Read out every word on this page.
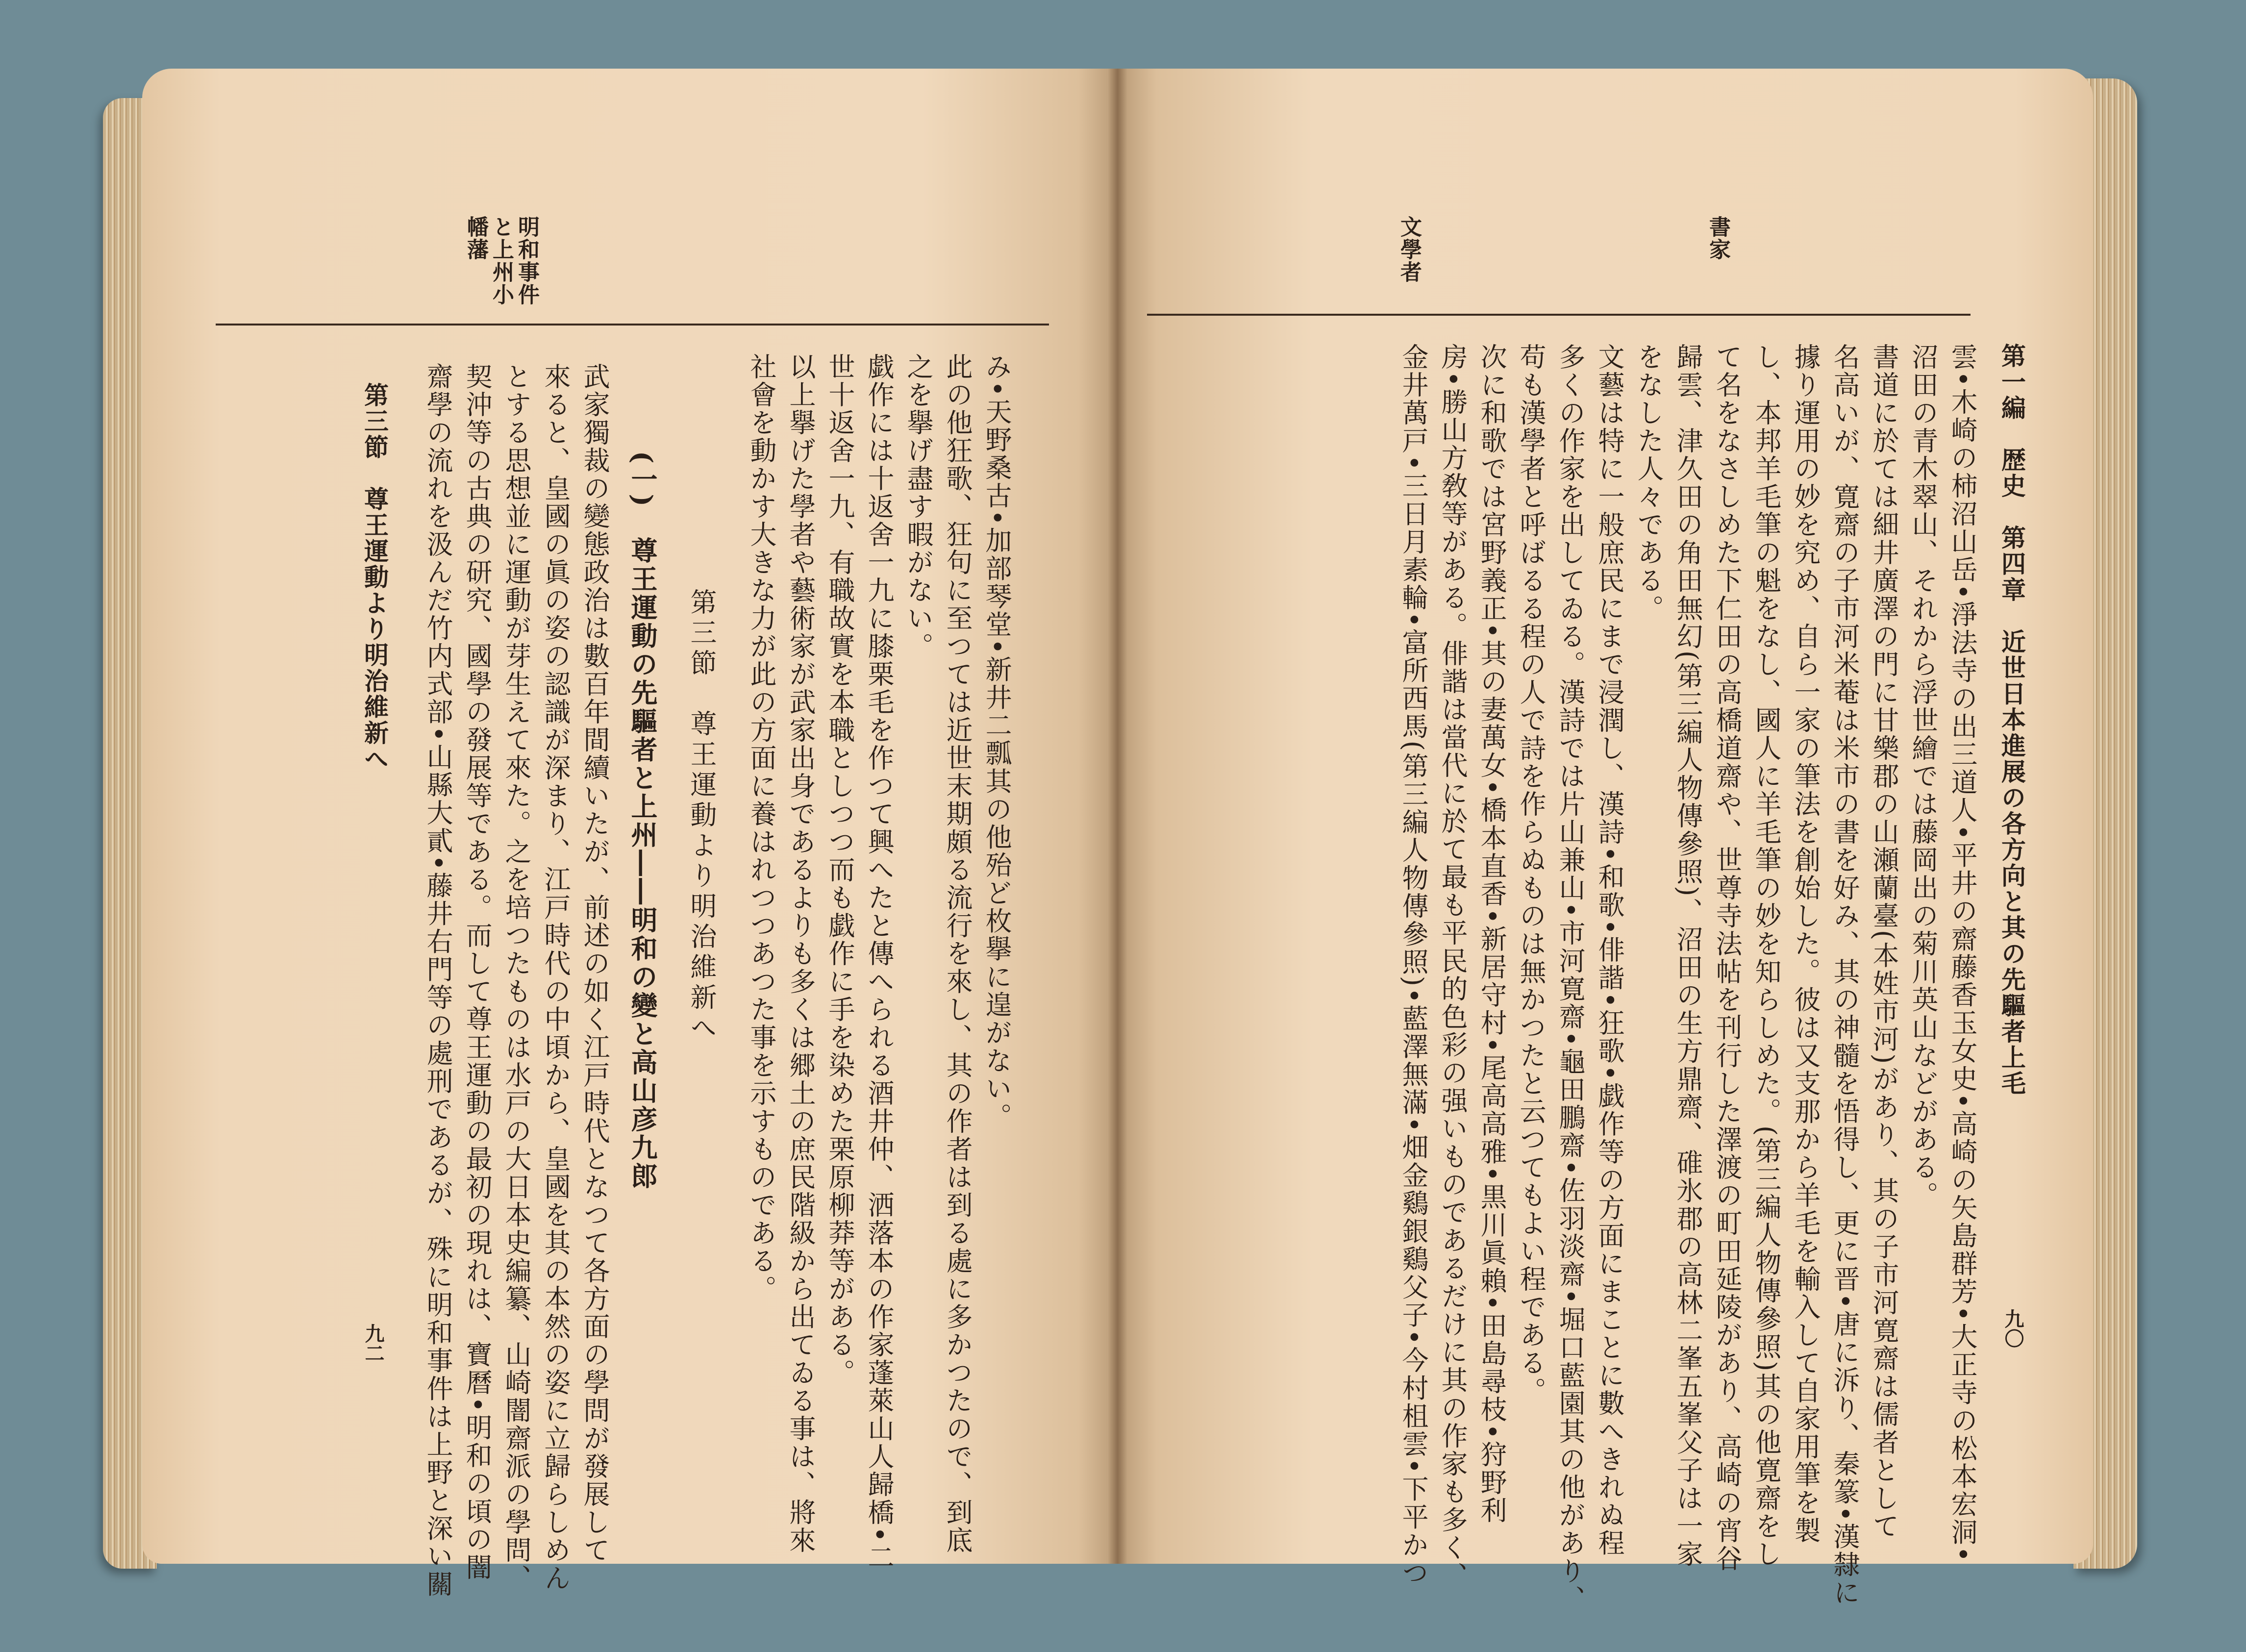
明和事件
と上州小
幡藩
み•天野桑古•加部琴堂•新井二瓢其の他殆ど枚擧に遑がない。
此の他狂歌、狂句に至つては近世末期頗る流行を來し、其の作者は到る處に多かつたので、到底
之を擧げ盡す暇がない。
戯作には十返舍一九に膝栗毛を作つて興へたと傳へられる酒井仲、洒落本の作家蓬萊山人歸橋•二
世十返舍一九、有職故實を本職としつつ而も戯作に手を染めた栗原柳莽等がある。
以上擧げた學者や藝術家が武家出身であるよりも多くは郷土の庶民階級から出てゐる事は、將來
社會を動かす大きな力が此の方面に養はれつつあつた事を示すものである。
第三節　尊王運動より明治維新へ
(一)　尊王運動の先驅者と上州――明和の變と高山彦九郎
武家獨裁の變態政治は數百年間續いたが、前述の如く江戸時代となつて各方面の學問が發展して
來ると、皇國の眞の姿の認識が深まり、江戸時代の中頃から、皇國を其の本然の姿に立歸らしめん
とする思想並に運動が芽生えて來た。之を培つたものは水戸の大日本史編纂、山崎闇齋派の學問、
契沖等の古典の研究、國學の發展等である。而して尊王運動の最初の現れは、寶曆•明和の頃の闇
齋學の流れを汲んだ竹内式部•山縣大貳•藤井右門等の處刑であるが、殊に明和事件は上野と深い關
第三節　尊王運動より明治維新へ
九二
書家
文學者
第一編　歴史　第四章　近世日本進展の各方向と其の先驅者上毛
九〇
雲•木崎の柿沼山岳•淨法寺の出三道人•平井の齋藤香玉女史•高崎の矢島群芳•大正寺の松本宏洞•
沼田の青木翠山、それから浮世繪では藤岡出の菊川英山などがある。
書道に於ては細井廣澤の門に甘樂郡の山瀬蘭臺(本姓市河)があり、其の子市河寛齋は儒者として
名高いが、寛齋の子市河米菴は米市の書を好み、其の神髓を悟得し、更に晋•唐に泝り、秦篆•漢隸に
據り運用の妙を究め、自ら一家の筆法を創始した。彼は又支那から羊毛を輸入して自家用筆を製
し、本邦羊毛筆の魁をなし、國人に羊毛筆の妙を知らしめた。(第三編人物傳參照)其の他寛齋をし
て名をなさしめた下仁田の高橋道齋や、世尊寺法帖を刊行した澤渡の町田延陵があり、高崎の宵谷
歸雲、津久田の角田無幻(第三編人物傳參照)、沼田の生方鼎齋、碓氷郡の高林二峯五峯父子は一家
をなした人々である。
文藝は特に一般庶民にまで浸潤し、漢詩•和歌•俳諧•狂歌•戯作等の方面にまことに數へきれぬ程
多くの作家を出してゐる。漢詩では片山兼山•市河寛齋•龜田鵬齋•佐羽淡齋•堀口藍園其の他があり、
苟も漢學者と呼ばるる程の人で詩を作らぬものは無かつたと云つてもよい程である。
次に和歌では宮野義正•其の妻萬女•橋本直香•新居守村•尾高高雅•黒川眞賴•田島尋枝•狩野利
房•勝山方敎等がある。俳諧は當代に於て最も平民的色彩の强いものであるだけに其の作家も多く、
金井萬戸•三日月素輪•富所西馬(第三編人物傳參照)•藍澤無滿•畑金鷄銀鷄父子•今村柤雲•下平かつ
